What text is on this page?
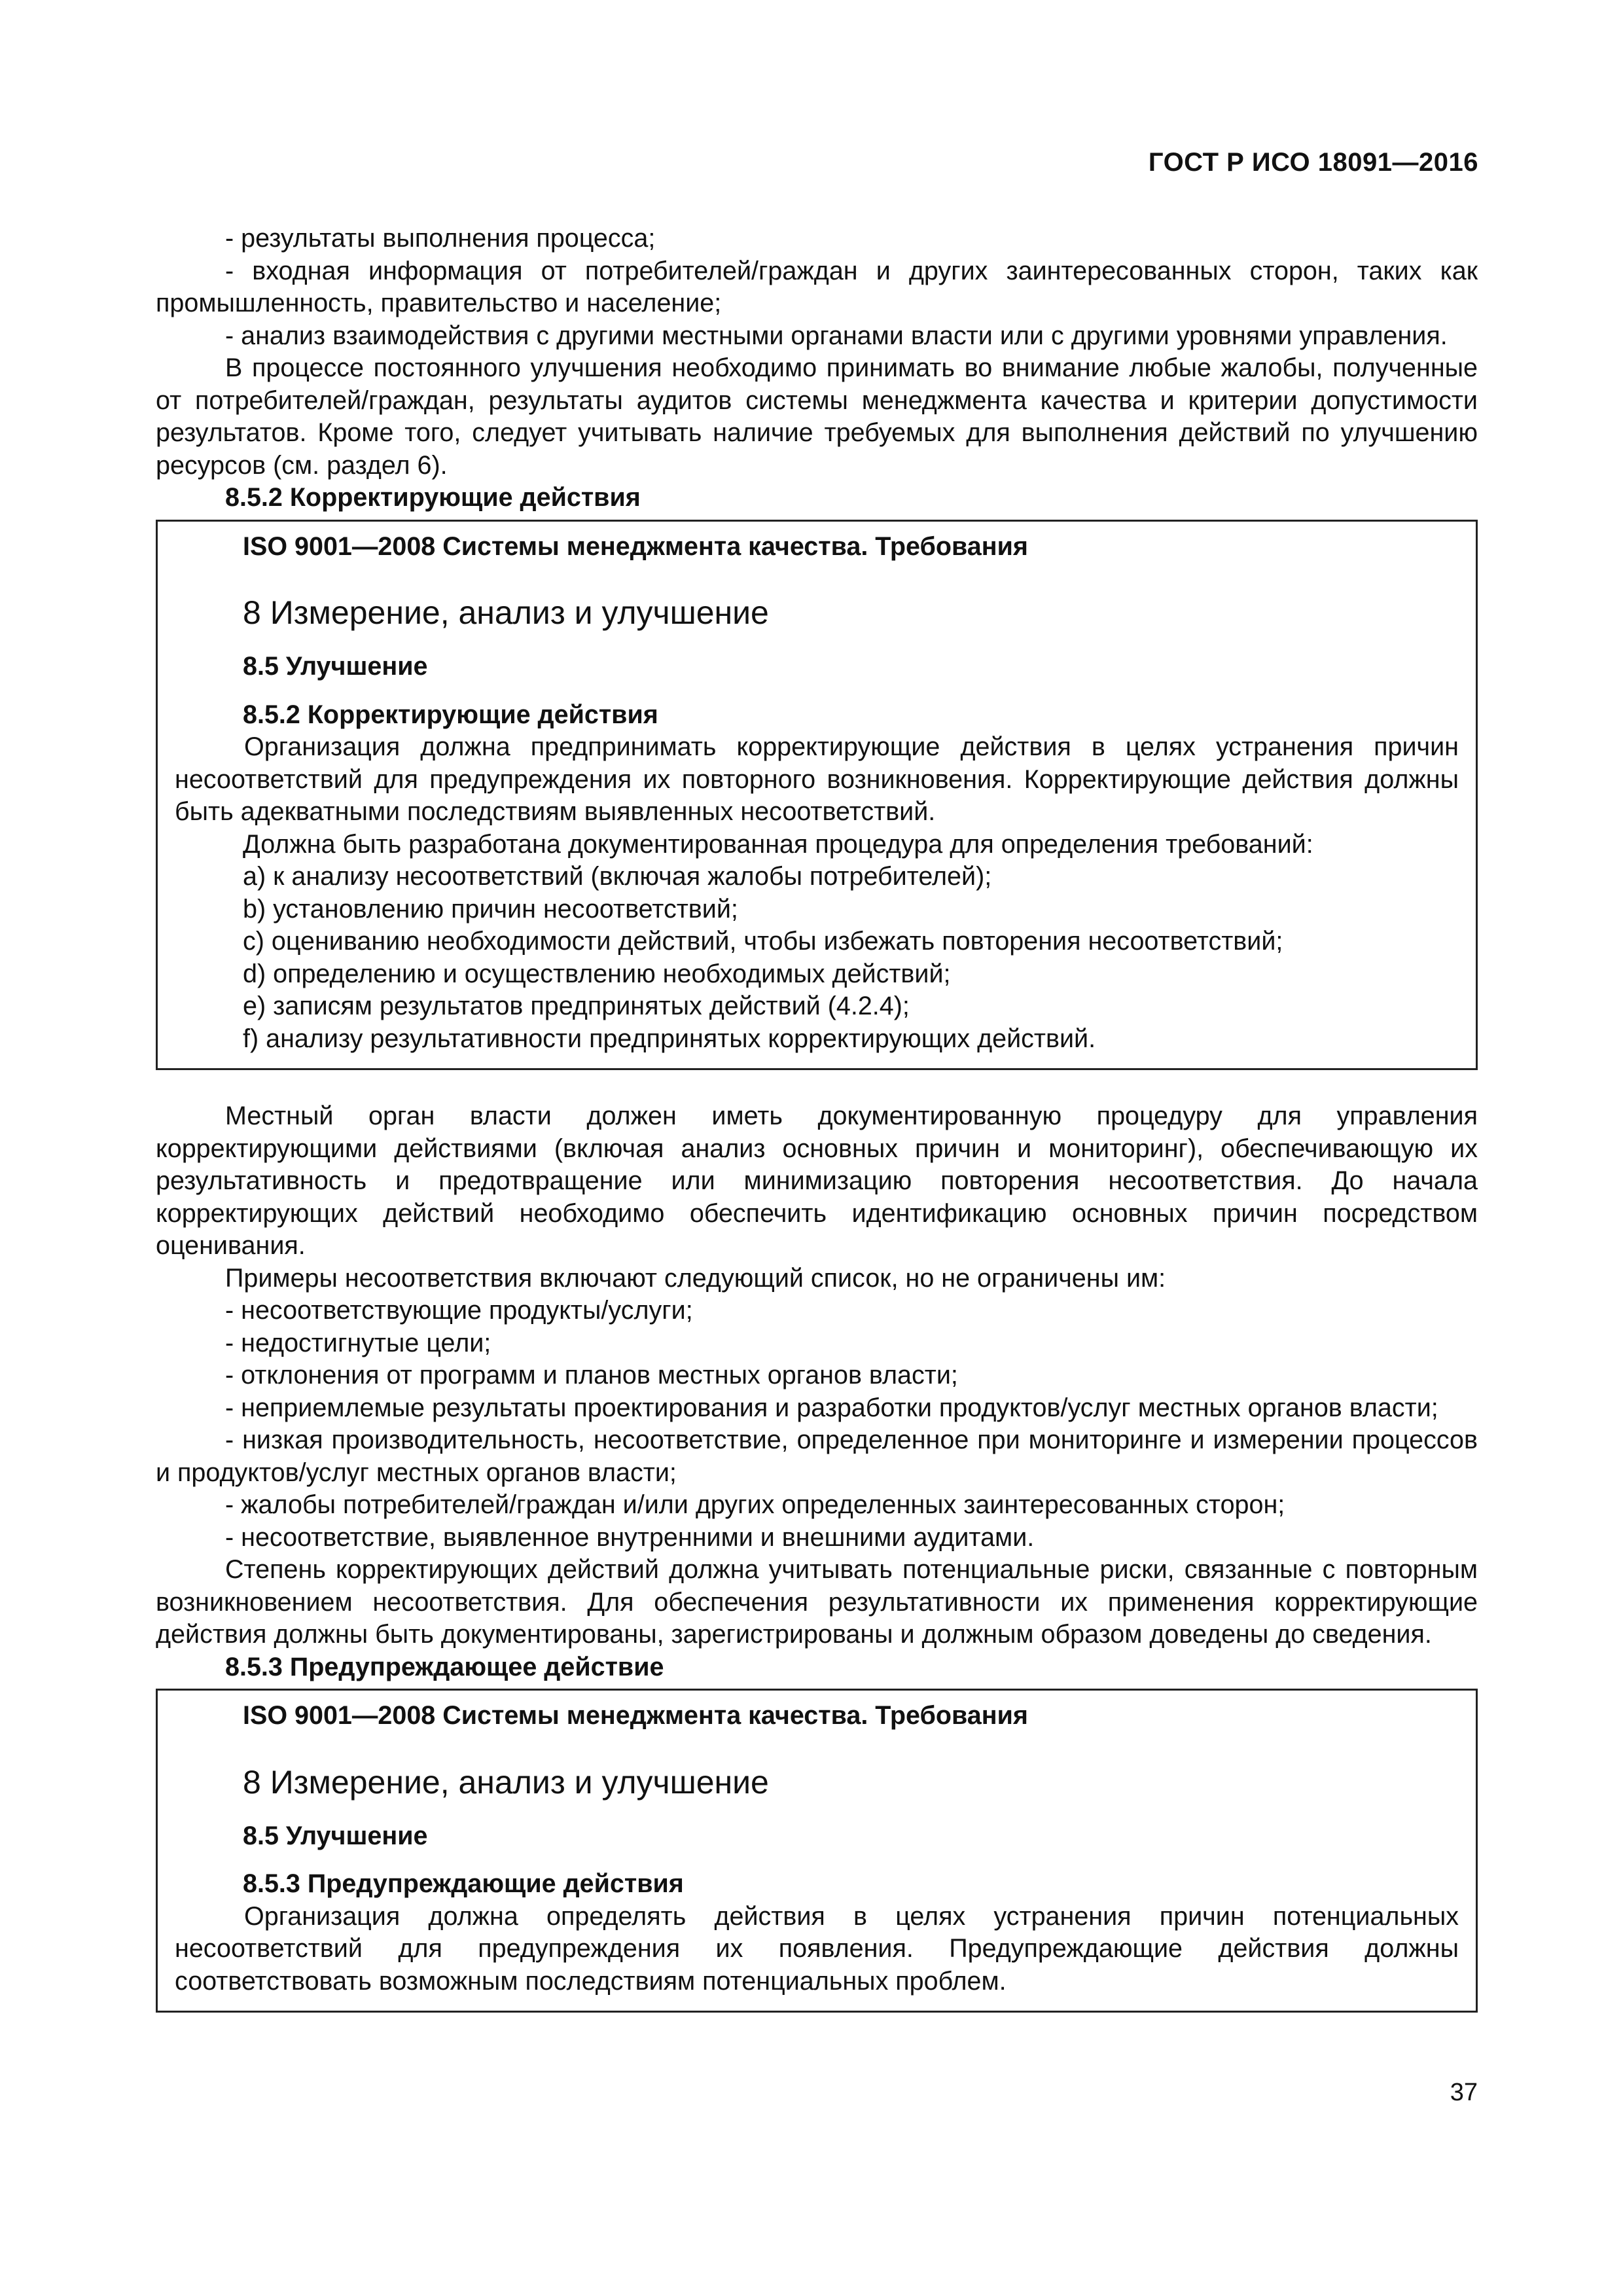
ГОСТ Р ИСО 18091—2016

- результаты выполнения процесса;

- входная информация от потребителей/граждан и других заинтересованных сторон, таких как промышленность, правительство и население;

- анализ взаимодействия с другими местными органами власти или с другими уровнями управления.

В процессе постоянного улучшения необходимо принимать во внимание любые жалобы, полученные от потребителей/граждан, результаты аудитов системы менеджмента качества и критерии допустимости результатов. Кроме того, следует учитывать наличие требуемых для выполнения действий по улучшению ресурсов (см. раздел 6).

8.5.2 Корректирующие действия

ISO 9001—2008 Системы менеджмента качества. Требования

8 Измерение, анализ и улучшение

8.5 Улучшение

8.5.2 Корректирующие действия

Организация должна предпринимать корректирующие действия в целях устранения причин несоответствий для предупреждения их повторного возникновения. Корректирующие действия должны быть адекватными последствиям выявленных несоответствий.

Должна быть разработана документированная процедура для определения требований:

a) к анализу несоответствий (включая жалобы потребителей);

b) установлению причин несоответствий;

c) оцениванию необходимости действий, чтобы избежать повторения несоответствий;

d) определению и осуществлению необходимых действий;

e) записям результатов предпринятых действий (4.2.4);

f) анализу результативности предпринятых корректирующих действий.

Местный орган власти должен иметь документированную процедуру для управления корректирующими действиями (включая анализ основных причин и мониторинг), обеспечивающую их результативность и предотвращение или минимизацию повторения несоответствия. До начала корректирующих действий необходимо обеспечить идентификацию основных причин посредством оценивания.

Примеры несоответствия включают следующий список, но не ограничены им:

- несоответствующие продукты/услуги;

- недостигнутые цели;

- отклонения от программ и планов местных органов власти;

- неприемлемые результаты проектирования и разработки продуктов/услуг местных органов власти;

- низкая производительность, несоответствие, определенное при мониторинге и измерении процессов и продуктов/услуг местных органов власти;

- жалобы потребителей/граждан и/или других определенных заинтересованных сторон;

- несоответствие, выявленное внутренними и внешними аудитами.

Степень корректирующих действий должна учитывать потенциальные риски, связанные с повторным возникновением несоответствия. Для обеспечения результативности их применения корректирующие действия должны быть документированы, зарегистрированы и должным образом доведены до сведения.

8.5.3 Предупреждающее действие

ISO 9001—2008 Системы менеджмента качества. Требования

8 Измерение, анализ и улучшение

8.5 Улучшение

8.5.3 Предупреждающие действия

Организация должна определять действия в целях устранения причин потенциальных несоответствий для предупреждения их появления. Предупреждающие действия должны соответствовать возможным последствиям потенциальных проблем.

37
